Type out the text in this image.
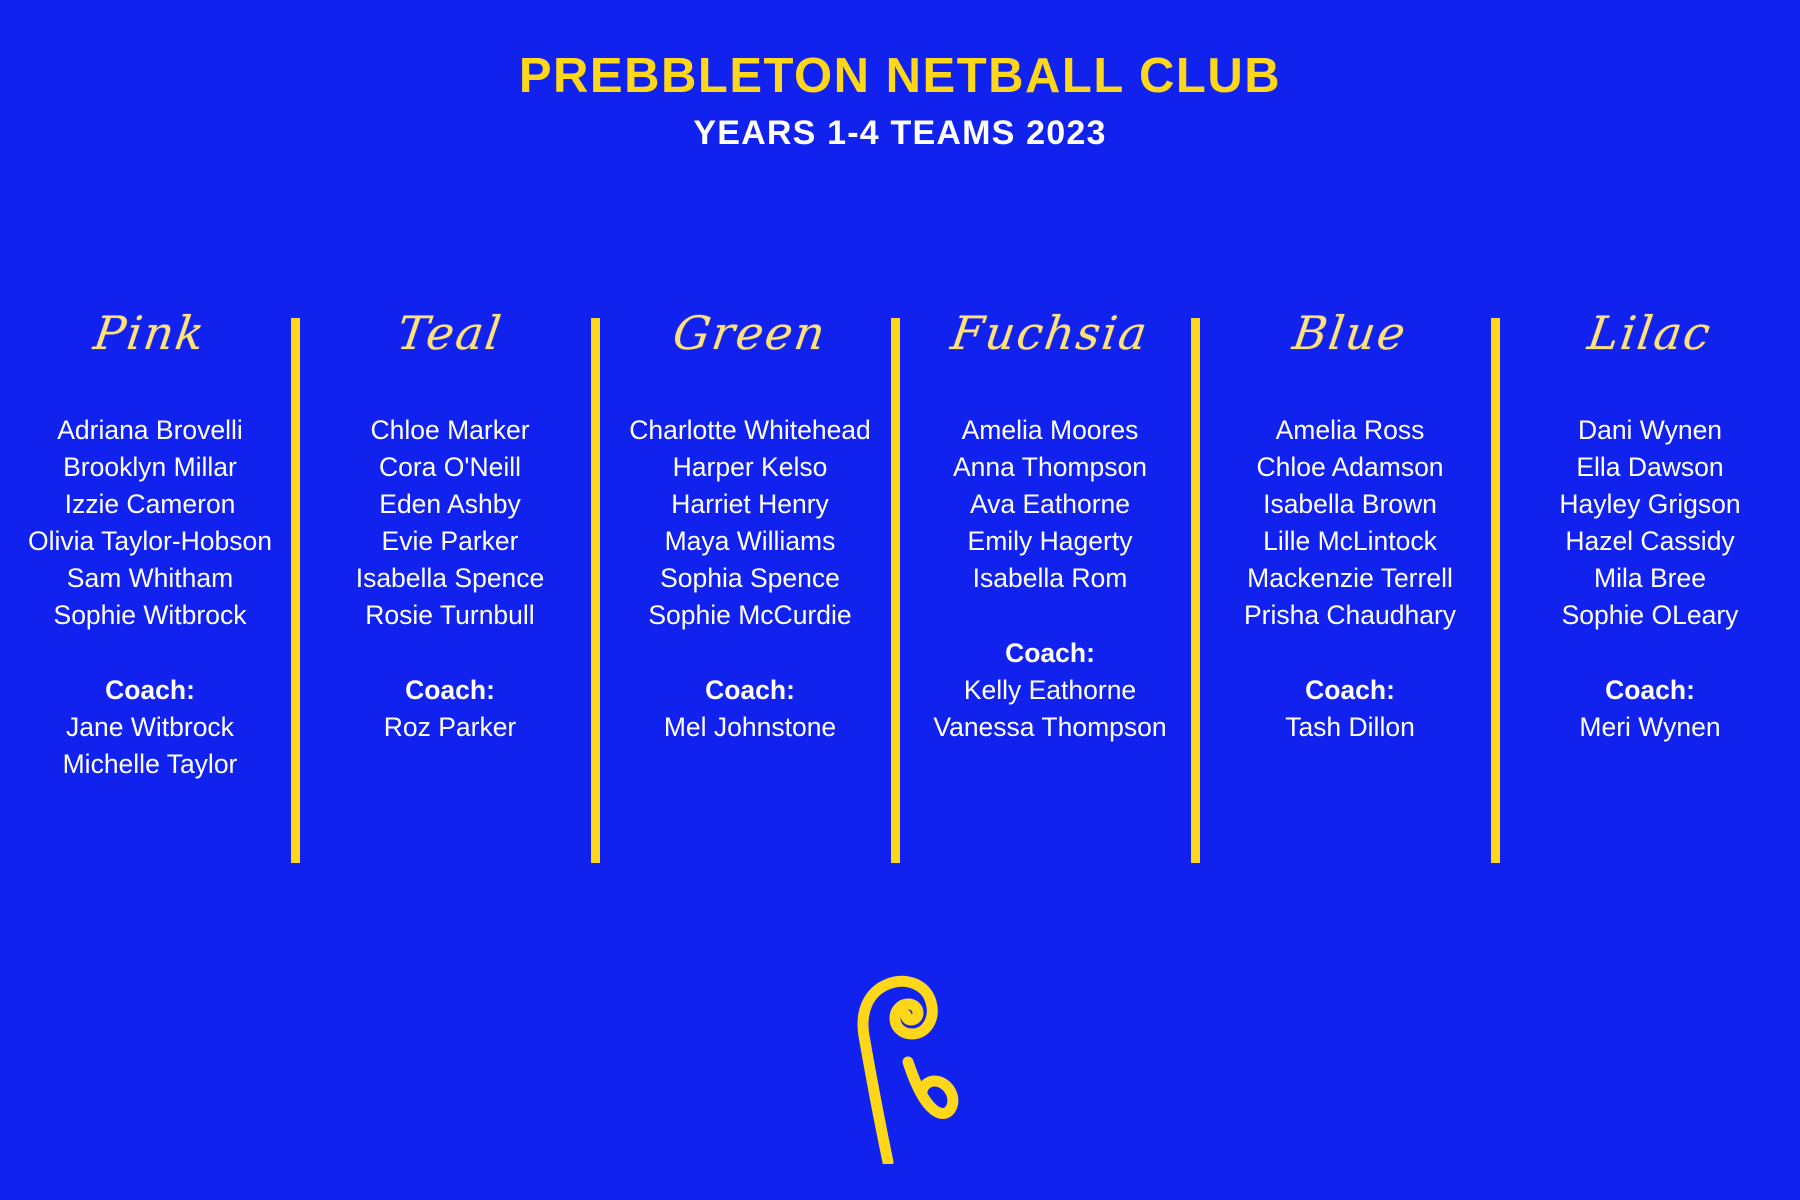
PREBBLETON NETBALL CLUB
YEARS 1-4 TEAMS 2023
Pink
Adriana Brovelli
Brooklyn Millar
Izzie Cameron
Olivia Taylor-Hobson
Sam Whitham
Sophie Witbrock
Coach:
Jane Witbrock
Michelle Taylor
Teal
Chloe Marker
Cora O'Neill
Eden Ashby
Evie Parker
Isabella Spence
Rosie Turnbull
Coach:
Roz Parker
Green
Charlotte Whitehead
Harper Kelso
Harriet Henry
Maya Williams
Sophia Spence
Sophie McCurdie
Coach:
Mel Johnstone
Fuchsia
Amelia Moores
Anna Thompson
Ava Eathorne
Emily Hagerty
Isabella Rom
Coach:
Kelly Eathorne
Vanessa Thompson
Blue
Amelia Ross
Chloe Adamson
Isabella Brown
Lille McLintock
Mackenzie Terrell
Prisha Chaudhary
Coach:
Tash Dillon
Lilac
Dani Wynen
Ella Dawson
Hayley Grigson
Hazel Cassidy
Mila Bree
Sophie OLeary
Coach:
Meri Wynen
